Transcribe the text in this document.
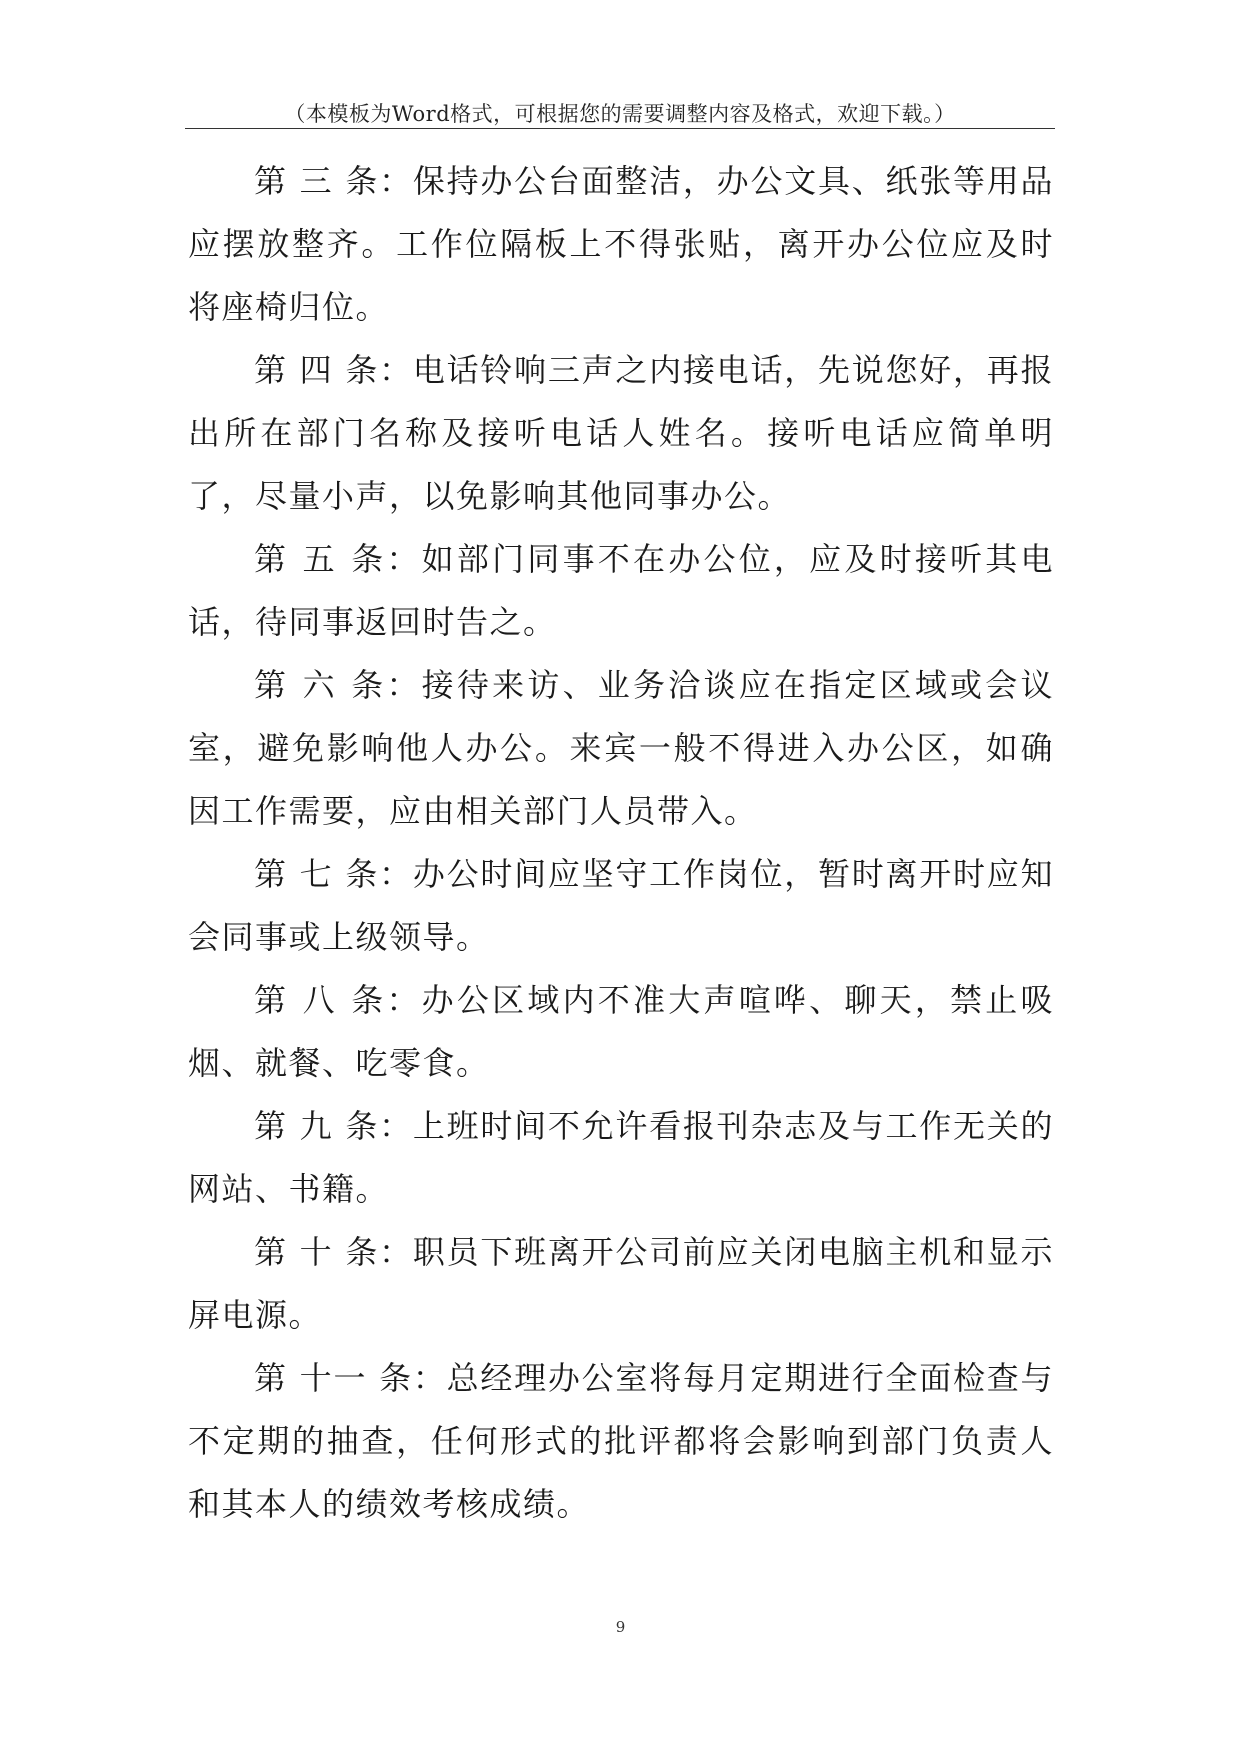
（本模板为Word格式，可根据您的需要调整内容及格式，欢迎下载。）

第 三 条：保持办公台面整洁，办公文具、纸张等用品应摆放整齐。工作位隔板上不得张贴，离开办公位应及时将座椅归位。

第 四 条：电话铃响三声之内接电话，先说您好，再报出所在部门名称及接听电话人姓名。接听电话应简单明了，尽量小声，以免影响其他同事办公。

第 五 条：如部门同事不在办公位，应及时接听其电话，待同事返回时告之。

第 六 条：接待来访、业务洽谈应在指定区域或会议室，避免影响他人办公。来宾一般不得进入办公区，如确因工作需要，应由相关部门人员带入。

第 七 条：办公时间应坚守工作岗位，暂时离开时应知会同事或上级领导。

第 八 条：办公区域内不准大声喧哗、聊天，禁止吸烟、就餐、吃零食。

第 九 条：上班时间不允许看报刊杂志及与工作无关的网站、书籍。

第 十 条：职员下班离开公司前应关闭电脑主机和显示屏电源。

第 十一 条：总经理办公室将每月定期进行全面检查与不定期的抽查，任何形式的批评都将会影响到部门负责人和其本人的绩效考核成绩。

9
